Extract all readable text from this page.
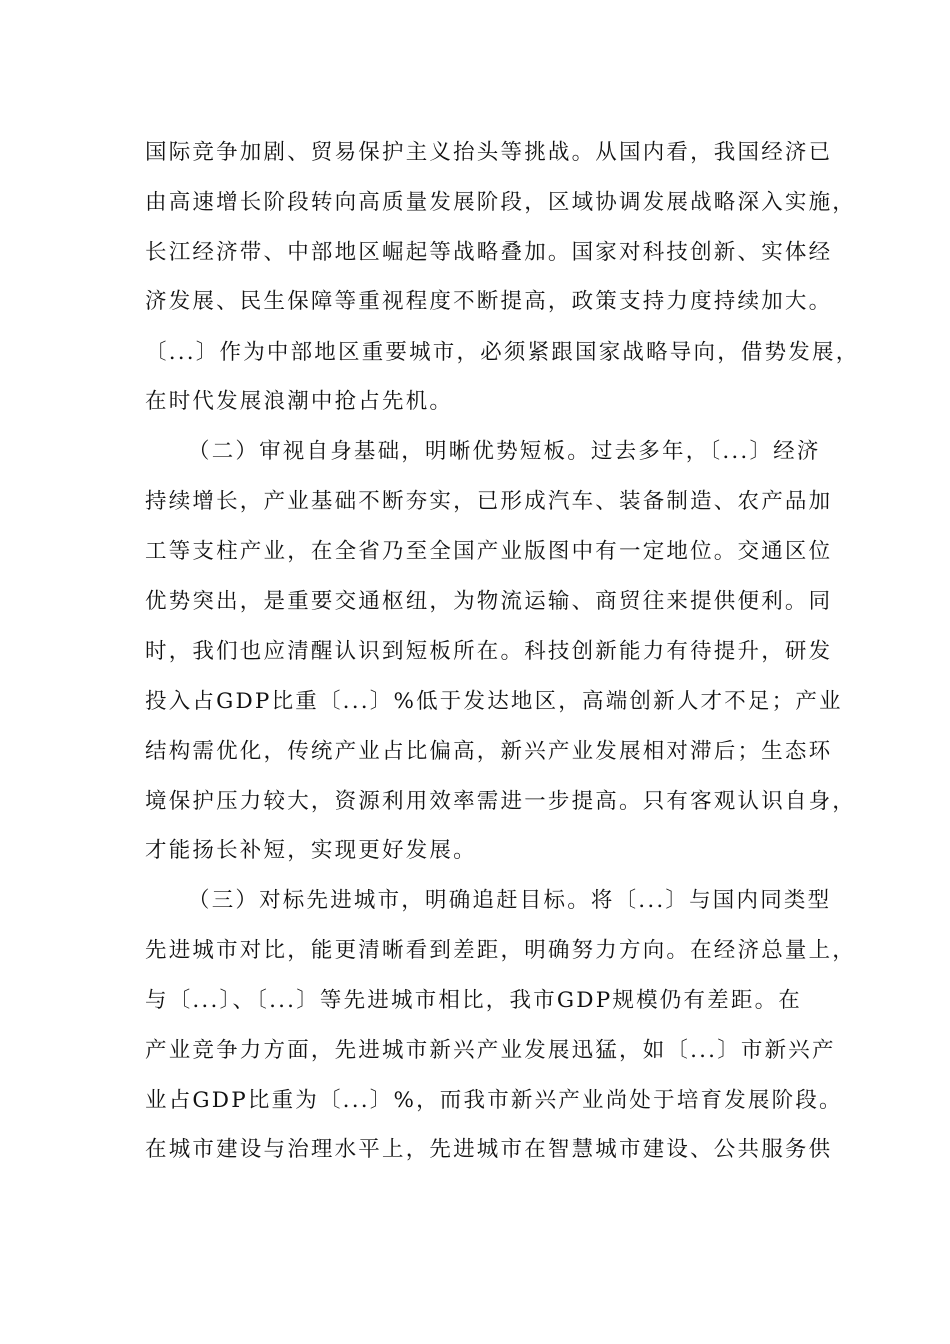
国际竞争加剧、贸易保护主义抬头等挑战。从国内看，我国经济已
由高速增长阶段转向高质量发展阶段，区域协调发展战略深入实施，
长江经济带、中部地区崛起等战略叠加。国家对科技创新、实体经
济发展、民生保障等重视程度不断提高，政策支持力度持续加大。
〔...〕作为中部地区重要城市，必须紧跟国家战略导向，借势发展，
在时代发展浪潮中抢占先机。
（二）审视自身基础，明晰优势短板。过去多年，〔...〕经济
持续增长，产业基础不断夯实，已形成汽车、装备制造、农产品加
工等支柱产业，在全省乃至全国产业版图中有一定地位。交通区位
优势突出，是重要交通枢纽，为物流运输、商贸往来提供便利。同
时，我们也应清醒认识到短板所在。科技创新能力有待提升，研发
投入占GDP比重〔...〕%低于发达地区，高端创新人才不足；产业
结构需优化，传统产业占比偏高，新兴产业发展相对滞后；生态环
境保护压力较大，资源利用效率需进一步提高。只有客观认识自身，
才能扬长补短，实现更好发展。
（三）对标先进城市，明确追赶目标。将〔...〕与国内同类型
先进城市对比，能更清晰看到差距，明确努力方向。在经济总量上，
与〔...〕、〔...〕等先进城市相比，我市GDP规模仍有差距。在
产业竞争力方面，先进城市新兴产业发展迅猛，如〔...〕市新兴产
业占GDP比重为〔...〕%，而我市新兴产业尚处于培育发展阶段。
在城市建设与治理水平上，先进城市在智慧城市建设、公共服务供
